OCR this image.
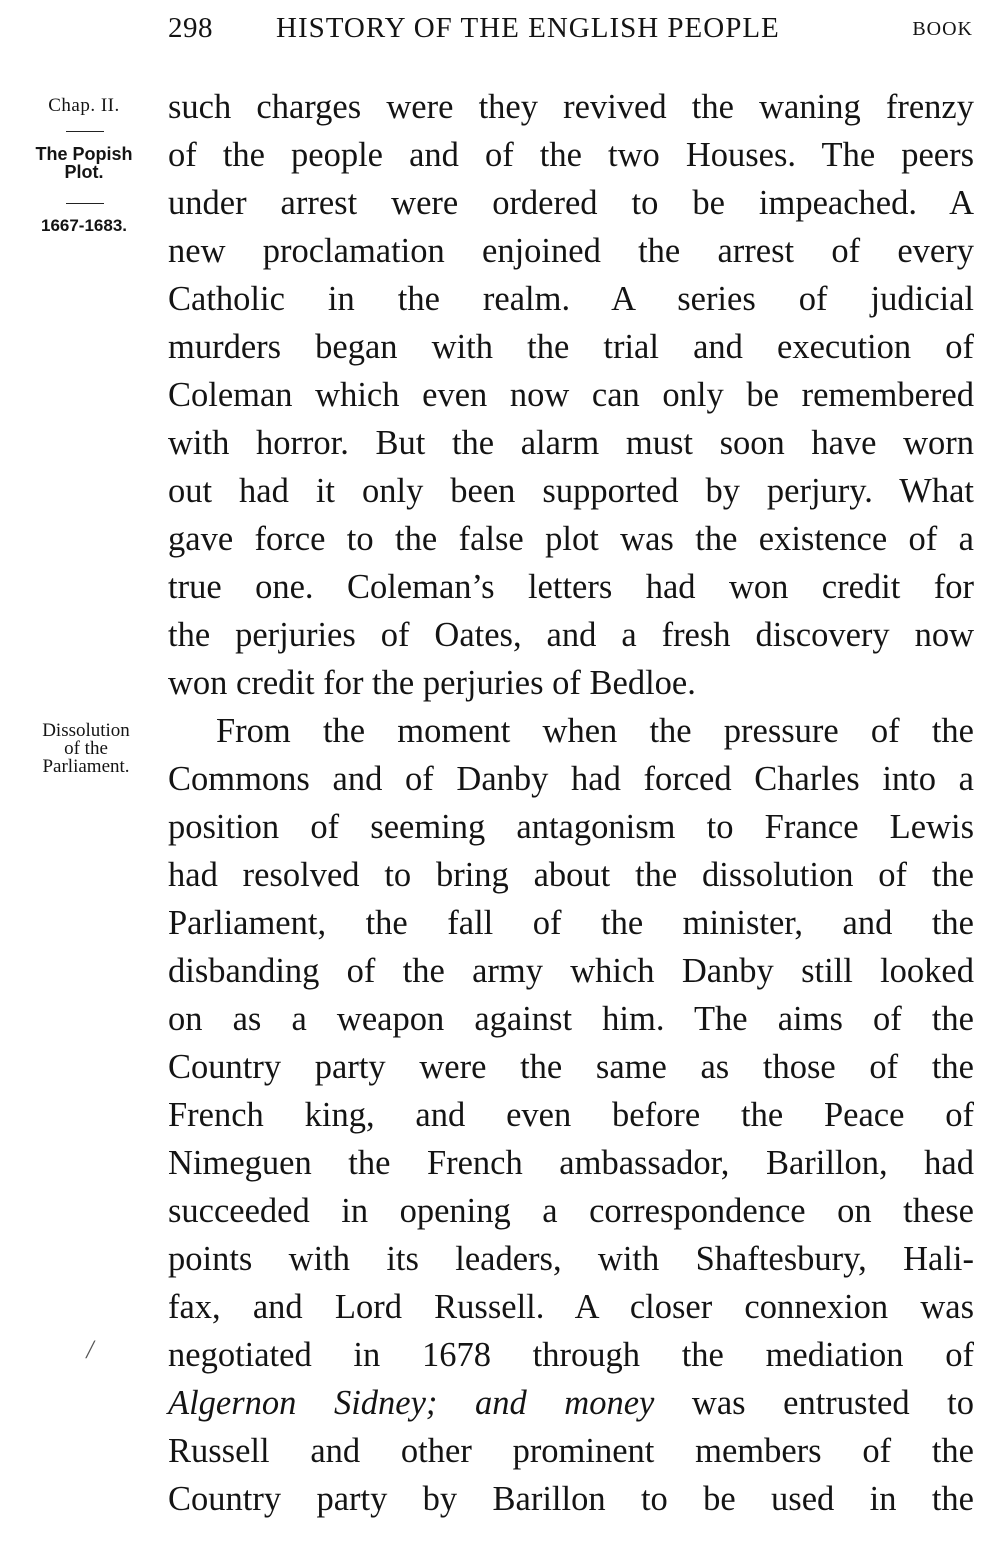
298 HISTORY OF THE ENGLISH PEOPLE	BOOK
Chap. II.
The Popish
Plot.
1667-1683.
Dissolution
of the
Parliament.
/
such charges were they revived the waning frenzy
of the people and of the two Houses. The peers
under arrest were ordered to be impeached. A
new proclamation enjoined the arrest of every
Catholic in the realm. A series of judicial
murders began with the trial and execution of
Coleman which even now can only be remembered
with horror. But the alarm must soon have worn
out had it only been supported by perjury. What
gave force to the false plot was the existence of a
true one. Coleman’s letters had won credit for
the perjuries of Oates, and a fresh discovery now
won credit for the perjuries of Bedloe.
From the moment when the pressure of the
Commons and of Danby had forced Charles into a
position of seeming antagonism to France Lewis
had resolved to bring about the dissolution of the
Parliament, the fall of the minister, and the
disbanding of the army which Danby still looked
on as a weapon against him. The aims of the
Country party were the same as those of the
French king, and even before the Peace of
Nimeguen the French ambassador, Barillon, had
succeeded in opening a correspondence on these
points with its leaders, with Shaftesbury, Hali-
fax, and Lord Russell. A closer connexion was
negotiated in 1678 through the mediation of
Algernon Sidney; and money was entrusted to
Russell and other prominent members of the
Country party by Barillon to be used in the
